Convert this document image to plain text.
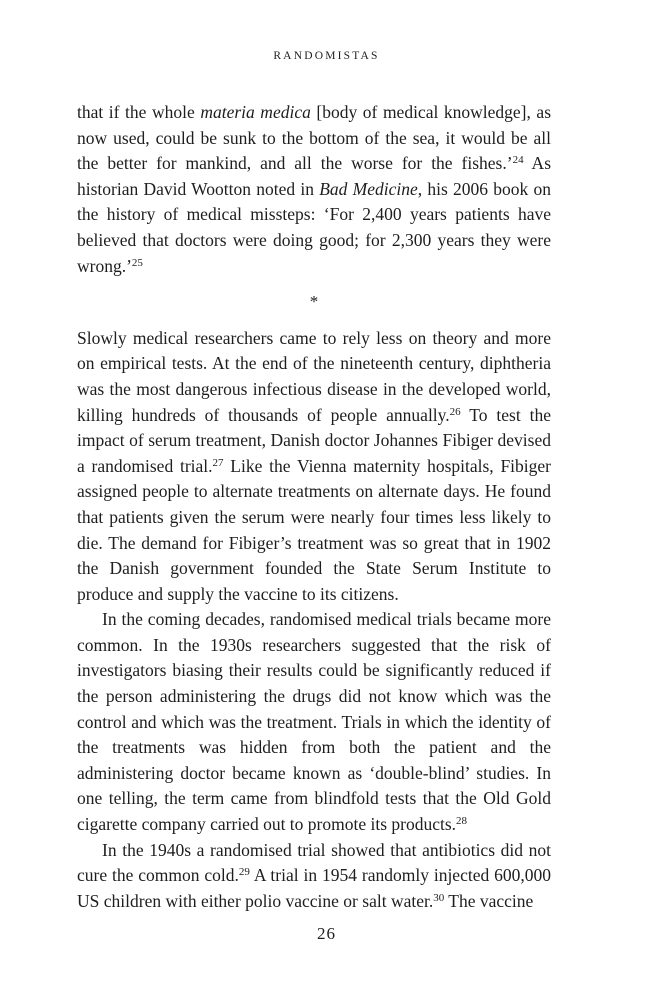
RANDOMISTAS

that if the whole materia medica [body of medical knowledge], as now used, could be sunk to the bottom of the sea, it would be all the better for mankind, and all the worse for the fishes.’$^{24}$ As historian David Wootton noted in Bad Medicine, his 2006 book on the history of medical missteps: ‘For 2,400 years patients have believed that doctors were doing good; for 2,300 years they were wrong.’$^{25}$

*

Slowly medical researchers came to rely less on theory and more on empirical tests. At the end of the nineteenth century, diphtheria was the most dangerous infectious disease in the developed world, killing hundreds of thousands of people annually.$^{26}$ To test the impact of serum treatment, Danish doctor Johannes Fibiger devised a randomised trial.$^{27}$ Like the Vienna maternity hospitals, Fibiger assigned people to alternate treatments on alternate days. He found that patients given the serum were nearly four times less likely to die. The demand for Fibiger’s treatment was so great that in 1902 the Danish government founded the State Serum Institute to produce and supply the vaccine to its citizens.

In the coming decades, randomised medical trials became more common. In the 1930s researchers suggested that the risk of investigators biasing their results could be significantly reduced if the person administering the drugs did not know which was the control and which was the treatment. Trials in which the identity of the treatments was hidden from both the patient and the administering doctor became known as ‘double-blind’ studies. In one telling, the term came from blindfold tests that the Old Gold cigarette company carried out to promote its products.$^{28}$

In the 1940s a randomised trial showed that antibiotics did not cure the common cold.$^{29}$ A trial in 1954 randomly injected 600,000 US children with either polio vaccine or salt water.$^{30}$ The vaccine

26
